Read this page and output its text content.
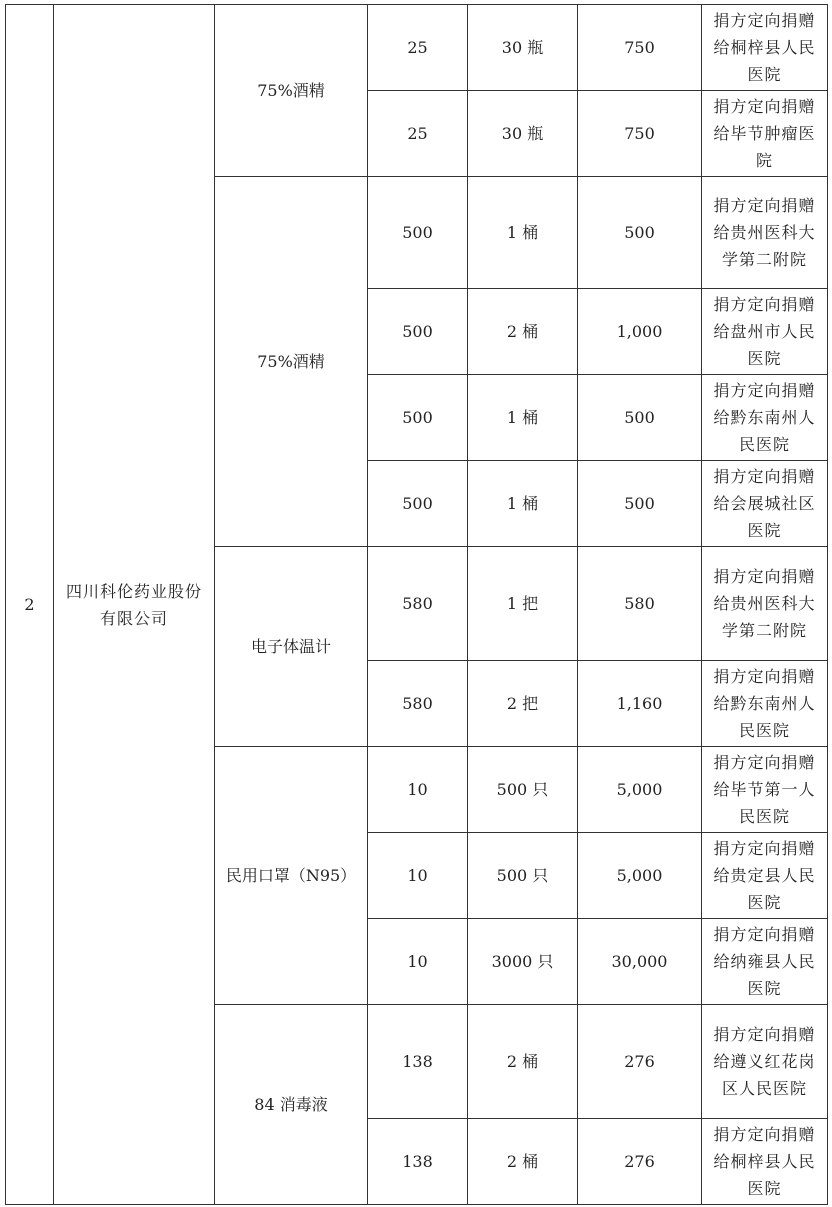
2	四川科伦药业股份有限公司	75%酒精	25	30 瓶	750	捐方定向捐赠给桐梓县人民医院
			25	30 瓶	750	捐方定向捐赠给毕节肿瘤医院
		75%酒精	500	1 桶	500	捐方定向捐赠给贵州医科大学第二附院
			500	2 桶	1,000	捐方定向捐赠给盘州市人民医院
			500	1 桶	500	捐方定向捐赠给黔东南州人民医院
			500	1 桶	500	捐方定向捐赠给会展城社区医院
		电子体温计	580	1 把	580	捐方定向捐赠给贵州医科大学第二附院
			580	2 把	1,160	捐方定向捐赠给黔东南州人民医院
		民用口罩（N95）	10	500 只	5,000	捐方定向捐赠给毕节第一人民医院
			10	500 只	5,000	捐方定向捐赠给贵定县人民医院
			10	3000 只	30,000	捐方定向捐赠给纳雍县人民医院
		84 消毒液	138	2 桶	276	捐方定向捐赠给遵义红花岗区人民医院
			138	2 桶	276	捐方定向捐赠给桐梓县人民医院
